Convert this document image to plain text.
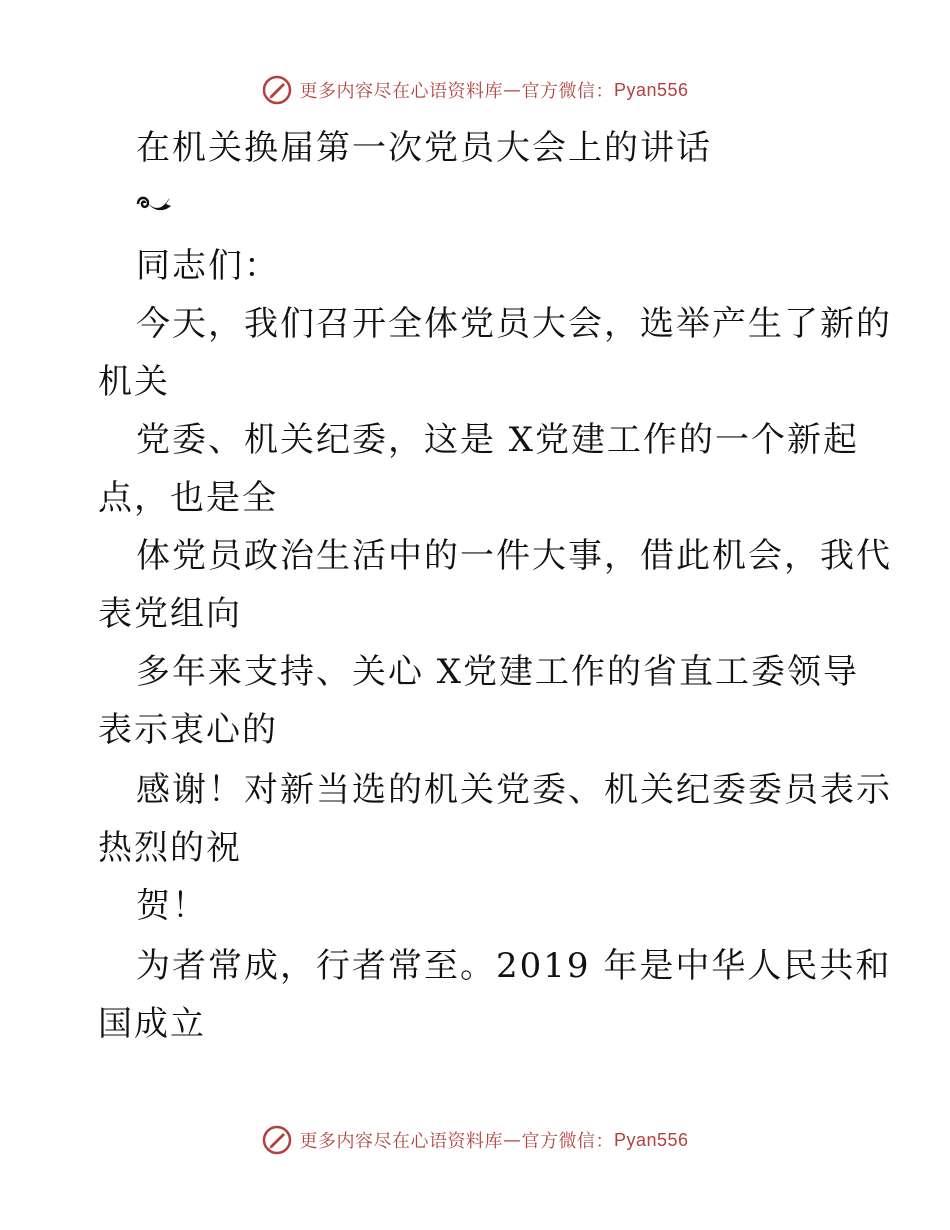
更多内容尽在心语资料库 — 官方微信： Pyan556
在机关换届第一次党员大会上的讲话
同志们：
今天，我们召开全体党员大会，选举产生了新的
机关
党委、机关纪委，这是 X党建工作的一个新起
点，也是全
体党员政治生活中的一件大事，借此机会，我代
表党组向
多年来支持、关心 X党建工作的省直工委领导
表示衷心的
感谢！对新当选的机关党委、机关纪委委员表示
热烈的祝
贺！
为者常成，行者常至。2019 年是中华人民共和
国成立
更多内容尽在心语资料库 — 官方微信： Pyan556
